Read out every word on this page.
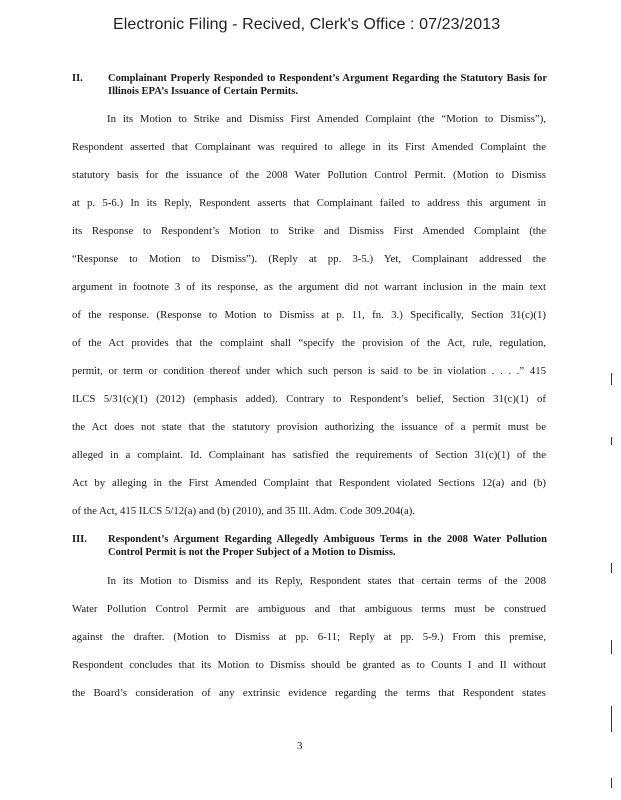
Electronic Filing - Recived, Clerk's Office : 07/23/2013
II. Complainant Properly Responded to Respondent’s Argument Regarding the Statutory Basis for Illinois EPA’s Issuance of Certain Permits.
In its Motion to Strike and Dismiss First Amended Complaint (the “Motion to Dismiss”),
Respondent asserted that Complainant was required to allege in its First Amended Complaint the
statutory basis for the issuance of the 2008 Water Pollution Control Permit. (Motion to Dismiss
at p. 5-6.) In its Reply, Respondent asserts that Complainant failed to address this argument in
its Response to Respondent’s Motion to Strike and Dismiss First Amended Complaint (the
“Response to Motion to Dismiss”). (Reply at pp. 3-5.) Yet, Complainant addressed the
argument in footnote 3 of its response, as the argument did not warrant inclusion in the main text
of the response. (Response to Motion to Dismiss at p. 11, fn. 3.) Specifically, Section 31(c)(1)
of the Act provides that the complaint shall “specify the provision of the Act, rule, regulation,
permit, or term or condition thereof under which such person is said to be in violation . . . .” 415
ILCS 5/31(c)(1) (2012) (emphasis added). Contrary to Respondent’s belief, Section 31(c)(1) of
the Act does not state that the statutory provision authorizing the issuance of a permit must be
alleged in a complaint. Id. Complainant has satisfied the requirements of Section 31(c)(1) of the
Act by alleging in the First Amended Complaint that Respondent violated Sections 12(a) and (b)
of the Act, 415 ILCS 5/12(a) and (b) (2010), and 35 Ill. Adm. Code 309.204(a).
III. Respondent’s Argument Regarding Allegedly Ambiguous Terms in the 2008 Water Pollution Control Permit is not the Proper Subject of a Motion to Dismiss.
In its Motion to Dismiss and its Reply, Respondent states that certain terms of the 2008
Water Pollution Control Permit are ambiguous and that ambiguous terms must be construed
against the drafter. (Motion to Dismiss at pp. 6-11; Reply at pp. 5-9.) From this premise,
Respondent concludes that its Motion to Dismiss should be granted as to Counts I and II without
the Board’s consideration of any extrinsic evidence regarding the terms that Respondent states
3
